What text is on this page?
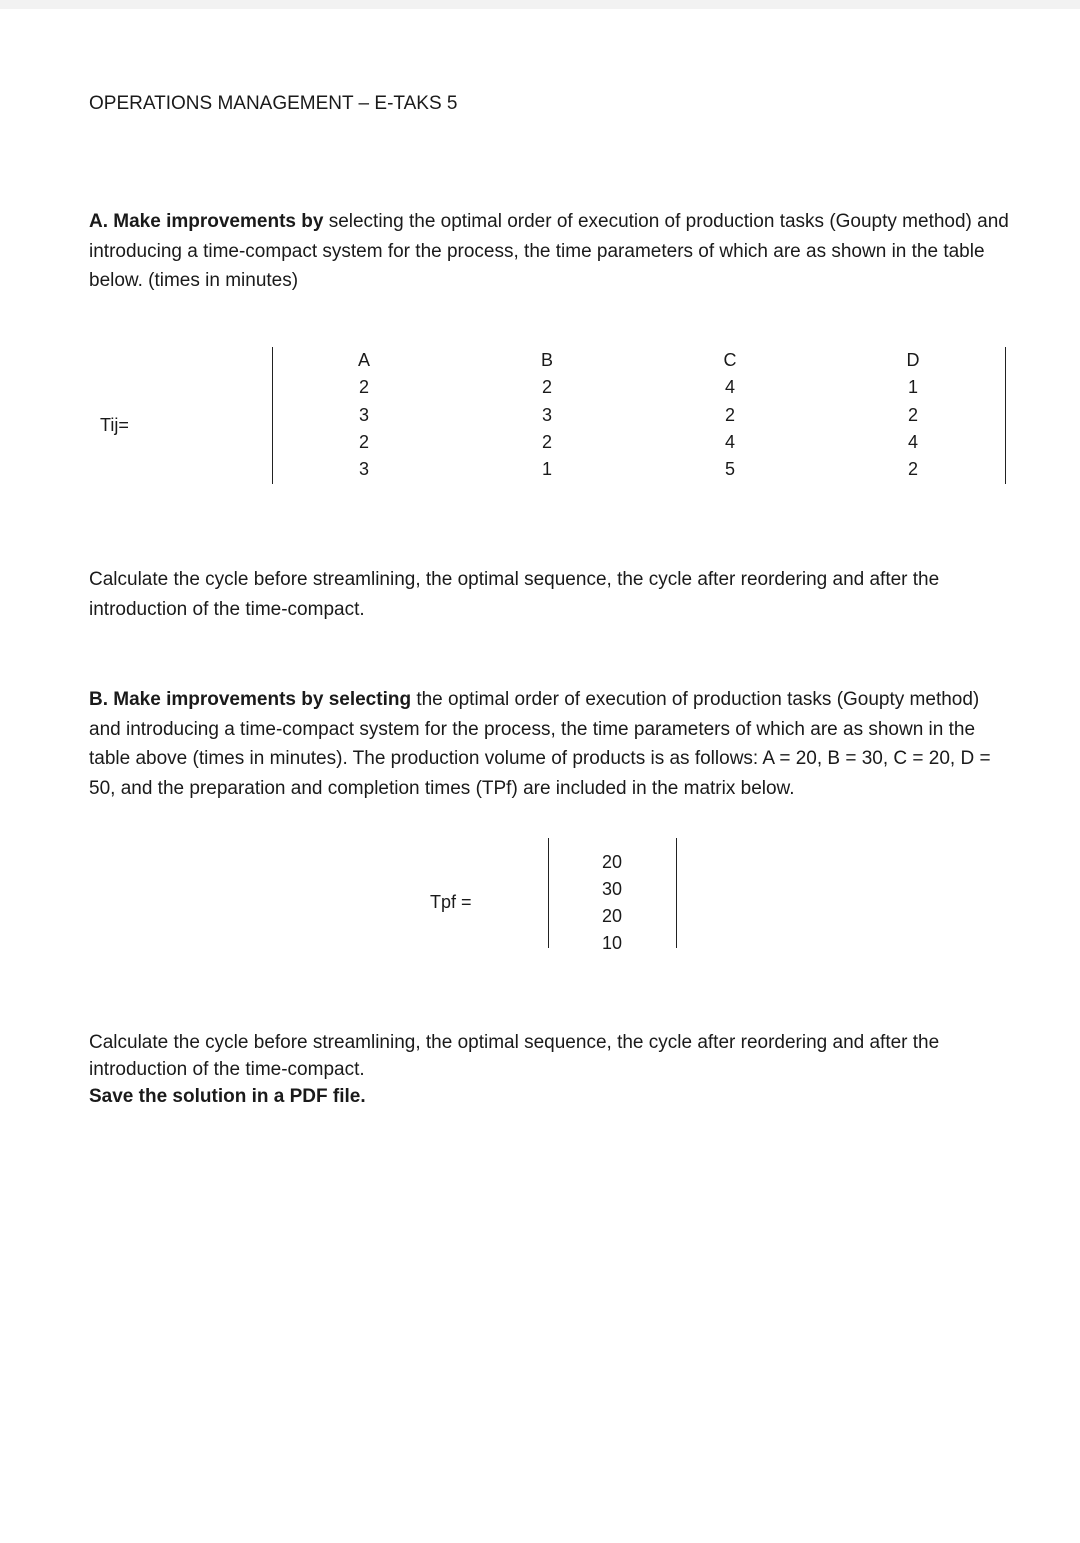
OPERATIONS MANAGEMENT – E-TAKS 5

A. Make improvements by selecting the optimal order of execution of production tasks (Goupty method) and introducing a time-compact system for the process, the time parameters of which are as shown in the table below. (times in minutes)

Tij=
A
2
3
2
3
B
2
3
2
1
C
4
2
4
5
D
1
2
4
2

Calculate the cycle before streamlining, the optimal sequence, the cycle after reordering and after the introduction of the time-compact.

B. Make improvements by selecting the optimal order of execution of production tasks (Goupty method) and introducing a time-compact system for the process, the time parameters of which are as shown in the table above (times in minutes). The production volume of products is as follows: A = 20, B = 30, C = 20, D = 50, and the preparation and completion times (TPf) are included in the matrix below.

Tpf =
20
30
20
10

Calculate the cycle before streamlining, the optimal sequence, the cycle after reordering and after the introduction of the time-compact.

Save the solution in a PDF file.
